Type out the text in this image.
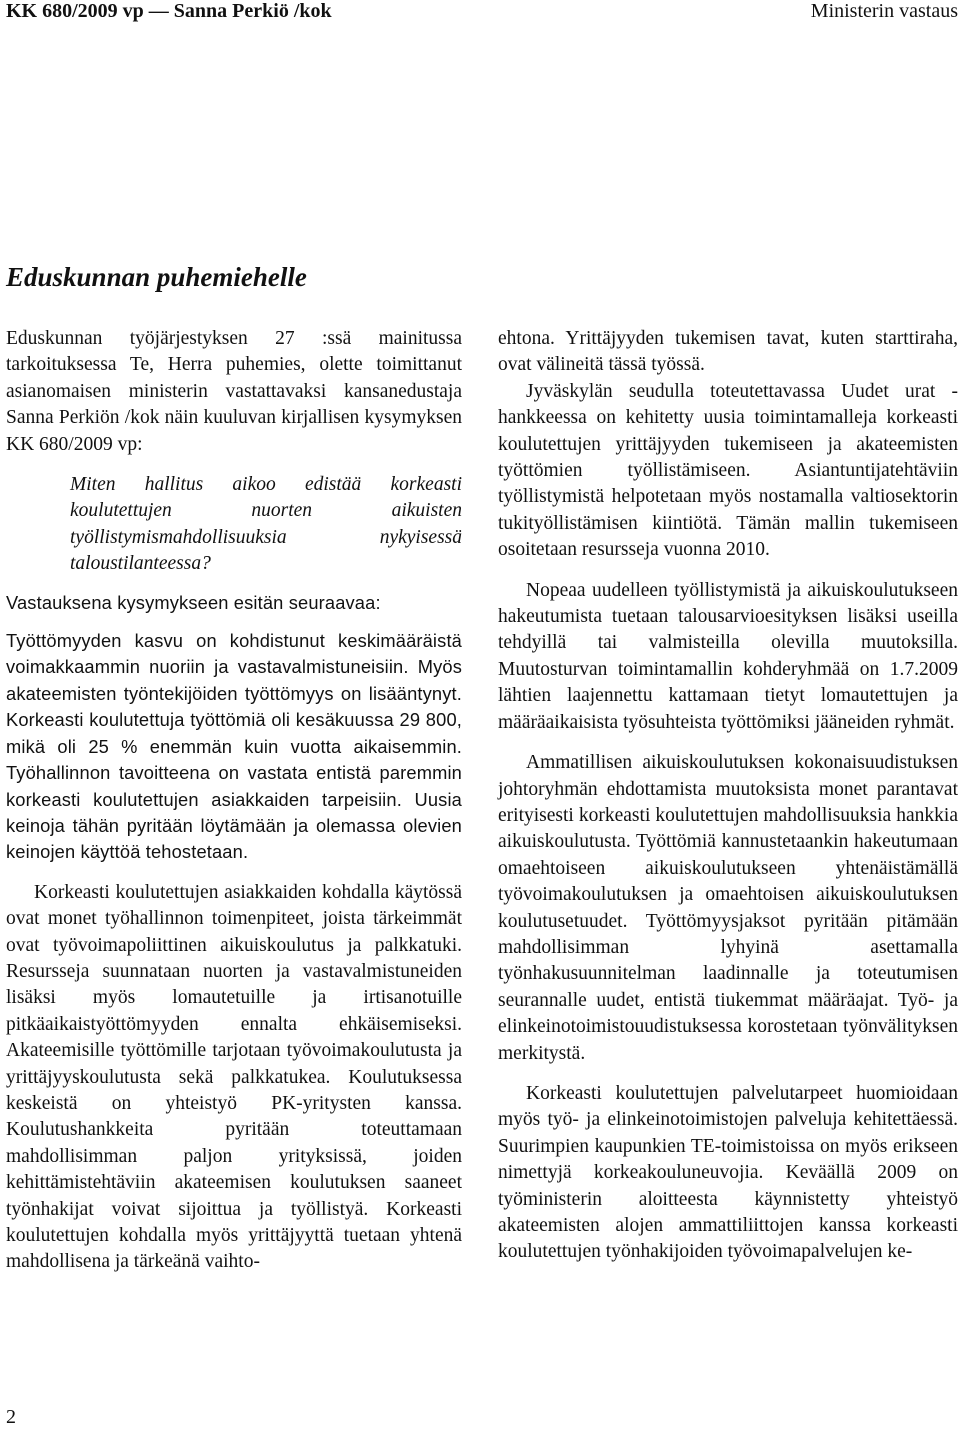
KK 680/2009 vp — Sanna Perkiö /kok	Ministerin vastaus
Eduskunnan puhemiehelle

Eduskunnan työjärjestyksen 27 :ssä mainitussa tarkoituksessa Te, Herra puhemies, olette toimittanut asianomaisen ministerin vastattavaksi kansanedustaja Sanna Perkiön /kok näin kuuluvan kirjallisen kysymyksen KK 680/2009 vp:

Miten hallitus aikoo edistää korkeasti koulutettujen nuorten aikuisten työllistymismahdollisuuksia nykyisessä taloustilanteessa?

Vastauksena kysymykseen esitän seuraavaa:

Työttömyyden kasvu on kohdistunut keskimääräistä voimakkaammin nuoriin ja vastavalmistuneisiin. Myös akateemisten työntekijöiden työttömyys on lisääntynyt. Korkeasti koulutettuja työttömiä oli kesäkuussa 29 800, mikä oli 25 % enemmän kuin vuotta aikaisemmin. Työhallinnon tavoitteena on vastata entistä paremmin korkeasti koulutettujen asiakkaiden tarpeisiin. Uusia keinoja tähän pyritään löytämään ja olemassa olevien keinojen käyttöä tehostetaan.

Korkeasti koulutettujen asiakkaiden kohdalla käytössä ovat monet työhallinnon toimenpiteet, joista tärkeimmät ovat työvoimapoliittinen aikuiskoulutus ja palkkatuki. Resursseja suunnataan nuorten ja vastavalmistuneiden lisäksi myös lomautetuille ja irtisanotuille pitkäaikaistyöttömyyden ennalta ehkäisemiseksi. Akateemisille työttömille tarjotaan työvoimakoulutusta ja yrittäjyyskoulutusta sekä palkkatukea. Koulutuksessa keskeistä on yhteistyö PK-yritysten kanssa. Koulutushankkeita pyritään toteuttamaan mahdollisimman paljon yrityksissä, joiden kehittämistehtäviin akateemisen koulutuksen saaneet työnhakijat voivat sijoittua ja työllistyä. Korkeasti koulutettujen kohdalla myös yrittäjyyttä tuetaan yhtenä mahdollisena ja tärkeänä vaihto-

ehtona. Yrittäjyyden tukemisen tavat, kuten starttiraha, ovat välineitä tässä työssä.

Jyväskylän seudulla toteutettavassa Uudet urat -hankkeessa on kehitetty uusia toimintamalleja korkeasti koulutettujen yrittäjyyden tukemiseen ja akateemisten työttömien työllistämiseen. Asiantuntijatehtäviin työllistymistä helpotetaan myös nostamalla valtiosektorin tukityöllistämisen kiintiötä. Tämän mallin tukemiseen osoitetaan resursseja vuonna 2010.

Nopeaa uudelleen työllistymistä ja aikuiskoulutukseen hakeutumista tuetaan talousarvioesityksen lisäksi useilla tehdyillä tai valmisteilla olevilla muutoksilla. Muutosturvan toimintamallin kohderyhmää on 1.7.2009 lähtien laajennettu kattamaan tietyt lomautettujen ja määräaikaisista työsuhteista työttömiksi jääneiden ryhmät.

Ammatillisen aikuiskoulutuksen kokonaisuudistuksen johtoryhmän ehdottamista muutoksista monet parantavat erityisesti korkeasti koulutettujen mahdollisuuksia hankkia aikuiskoulutusta. Työttömiä kannustetaankin hakeutumaan omaehtoiseen aikuiskoulutukseen yhtenäistämällä työvoimakoulutuksen ja omaehtoisen aikuiskoulutuksen koulutusetuudet. Työttömyysjaksot pyritään pitämään mahdollisimman lyhyinä asettamalla työnhakusuunnitelman laadinnalle ja toteutumisen seurannalle uudet, entistä tiukemmat määräajat. Työ- ja elinkeinotoimistouudistuksessa korostetaan työnvälityksen merkitystä.

Korkeasti koulutettujen palvelutarpeet huomioidaan myös työ- ja elinkeinotoimistojen palveluja kehitettäessä. Suurimpien kaupunkien TE-toimistoissa on myös erikseen nimettyjä korkeakouluneuvojia. Keväällä 2009 on työministerin aloitteesta käynnistetty yhteistyö akateemisten alojen ammattiliittojen kanssa korkeasti koulutettujen työnhakijoiden työvoimapalvelujen ke-

2
